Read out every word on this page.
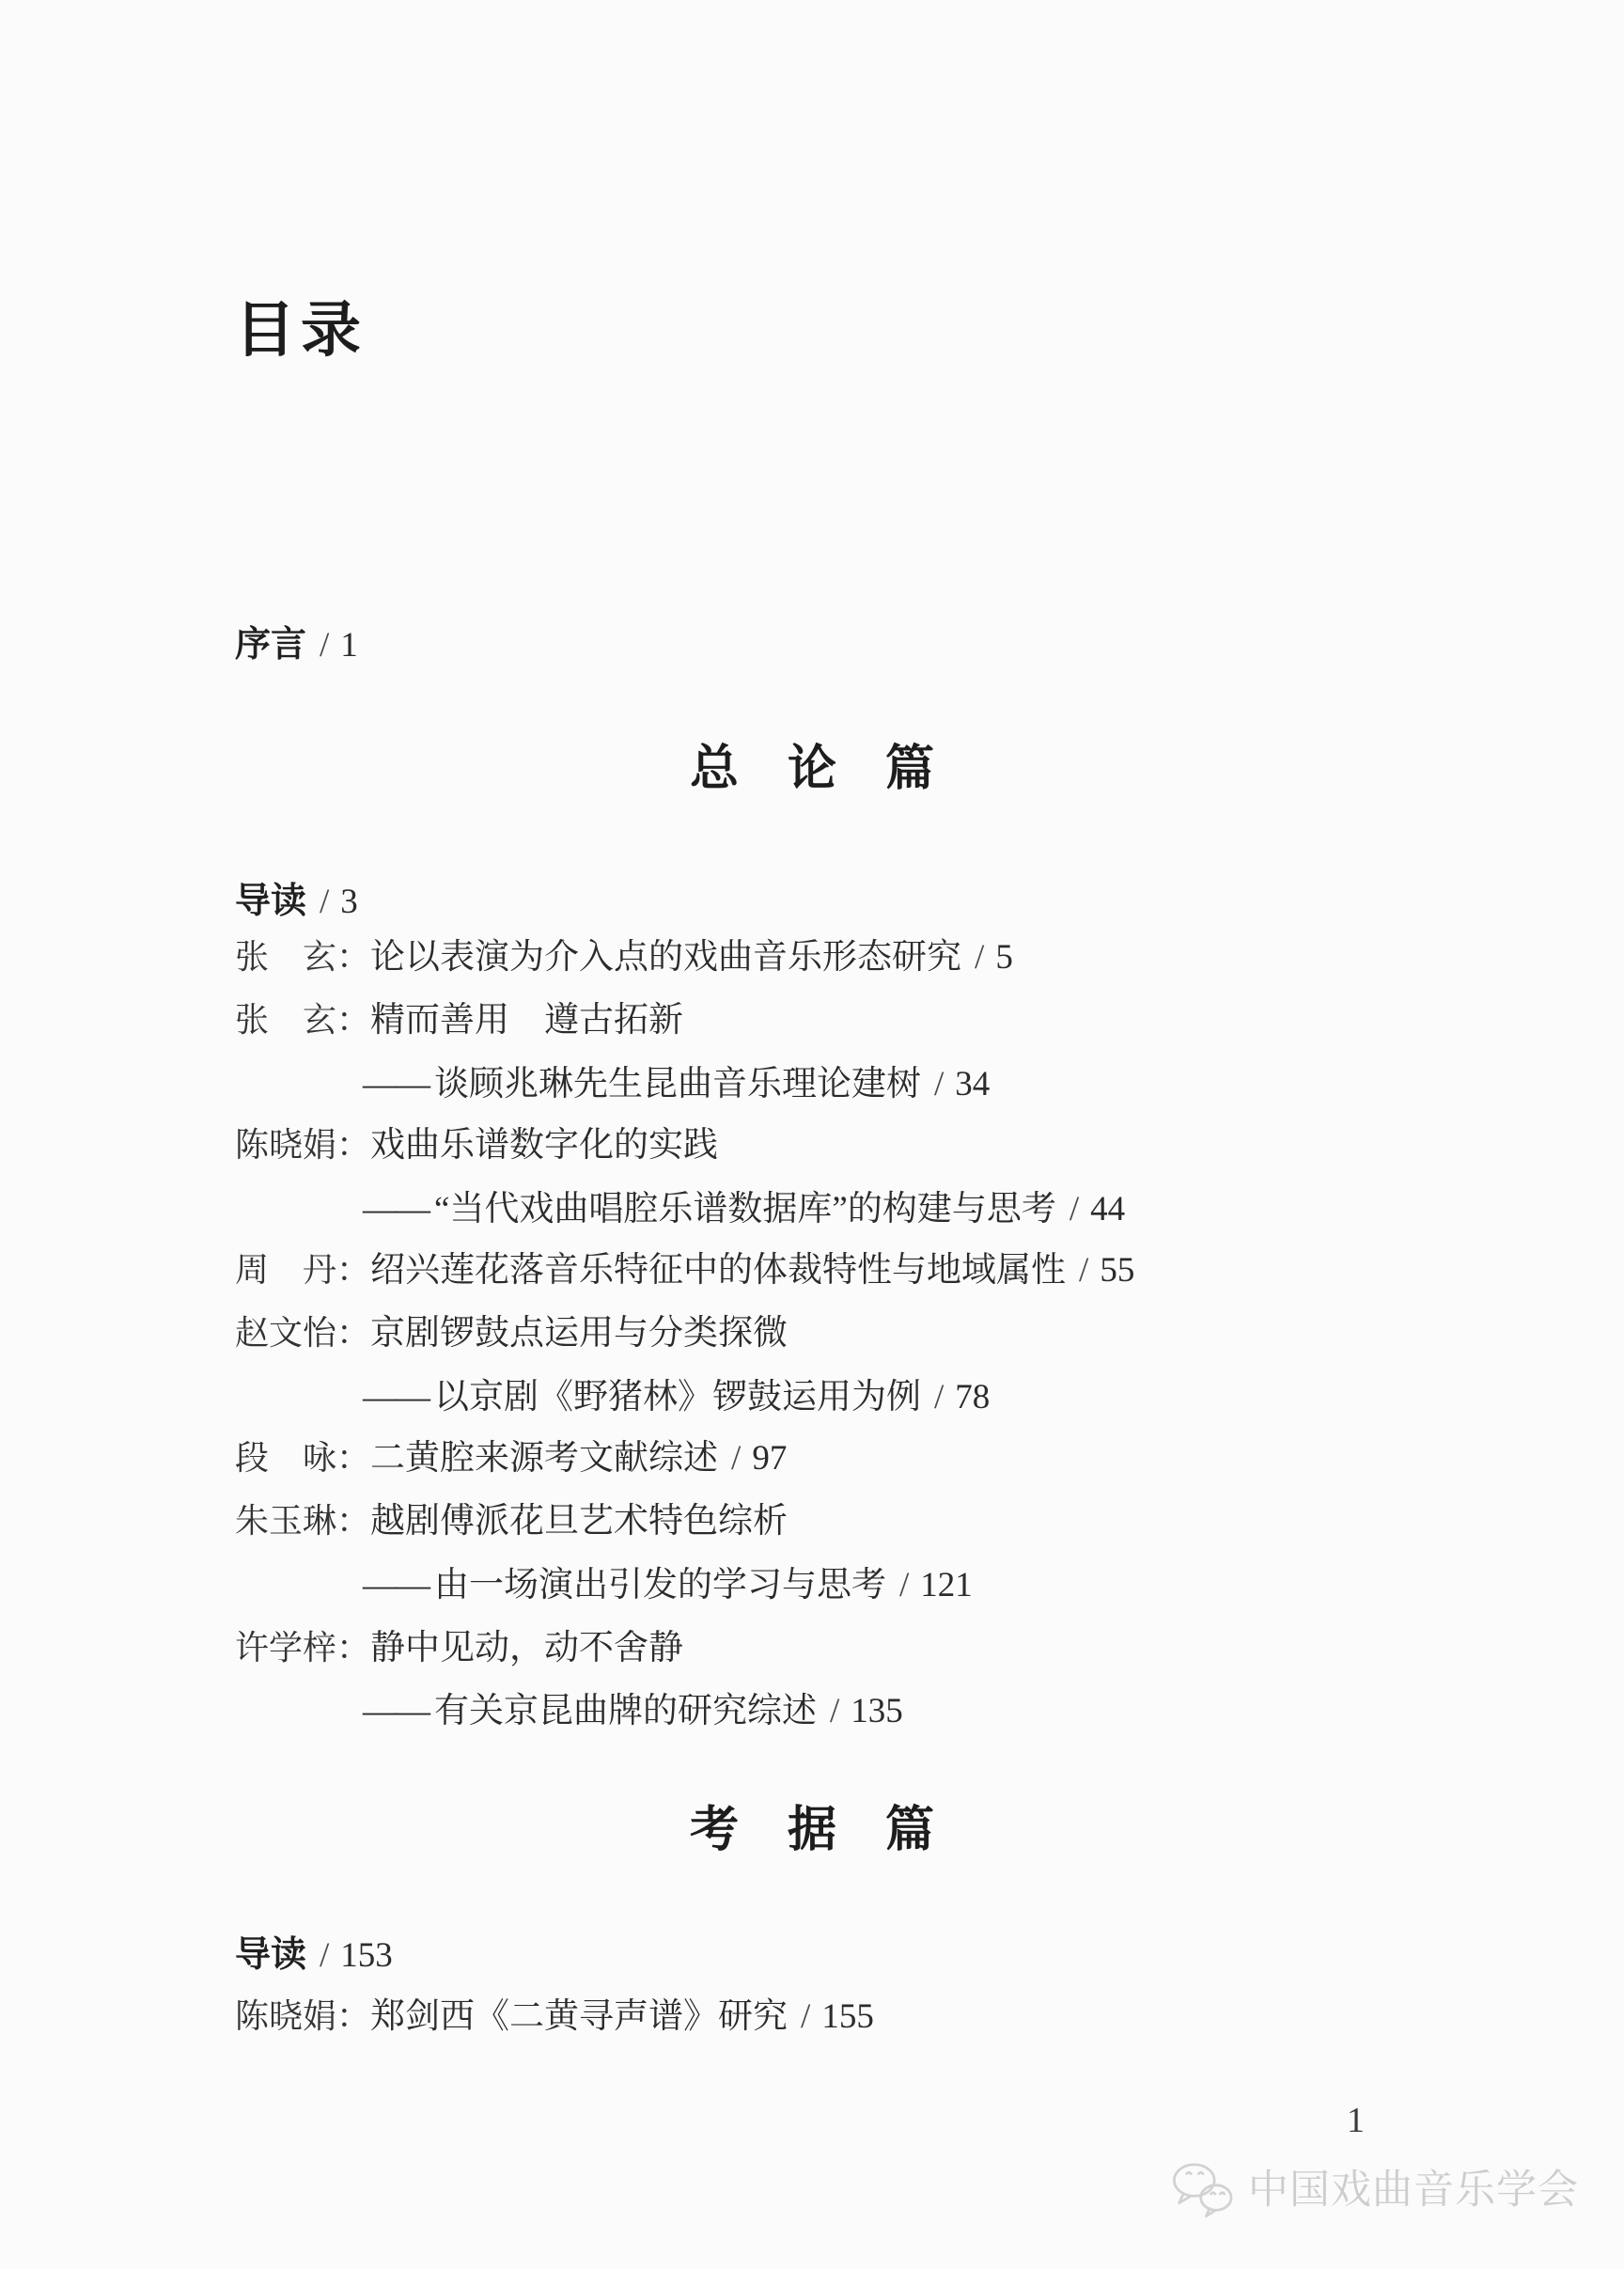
目录
序言 / 1
总　论　篇
导读 / 3
张　玄：论以表演为介入点的戏曲音乐形态研究 / 5
张　玄：精而善用　遵古拓新
—— 谈顾兆琳先生昆曲音乐理论建树 / 34
陈晓娟：戏曲乐谱数字化的实践
—— “当代戏曲唱腔乐谱数据库”的构建与思考 / 44
周　丹：绍兴莲花落音乐特征中的体裁特性与地域属性 / 55
赵文怡：京剧锣鼓点运用与分类探微
—— 以京剧《野猪林》锣鼓运用为例 / 78
段　咏：二黄腔来源考文献综述 / 97
朱玉琳：越剧傅派花旦艺术特色综析
—— 由一场演出引发的学习与思考 / 121
许学梓：静中见动，动不舍静
—— 有关京昆曲牌的研究综述 / 135
考　据　篇
导读 / 153
陈晓娟：郑剑西《二黄寻声谱》研究 / 155
1
中国戏曲音乐学会
